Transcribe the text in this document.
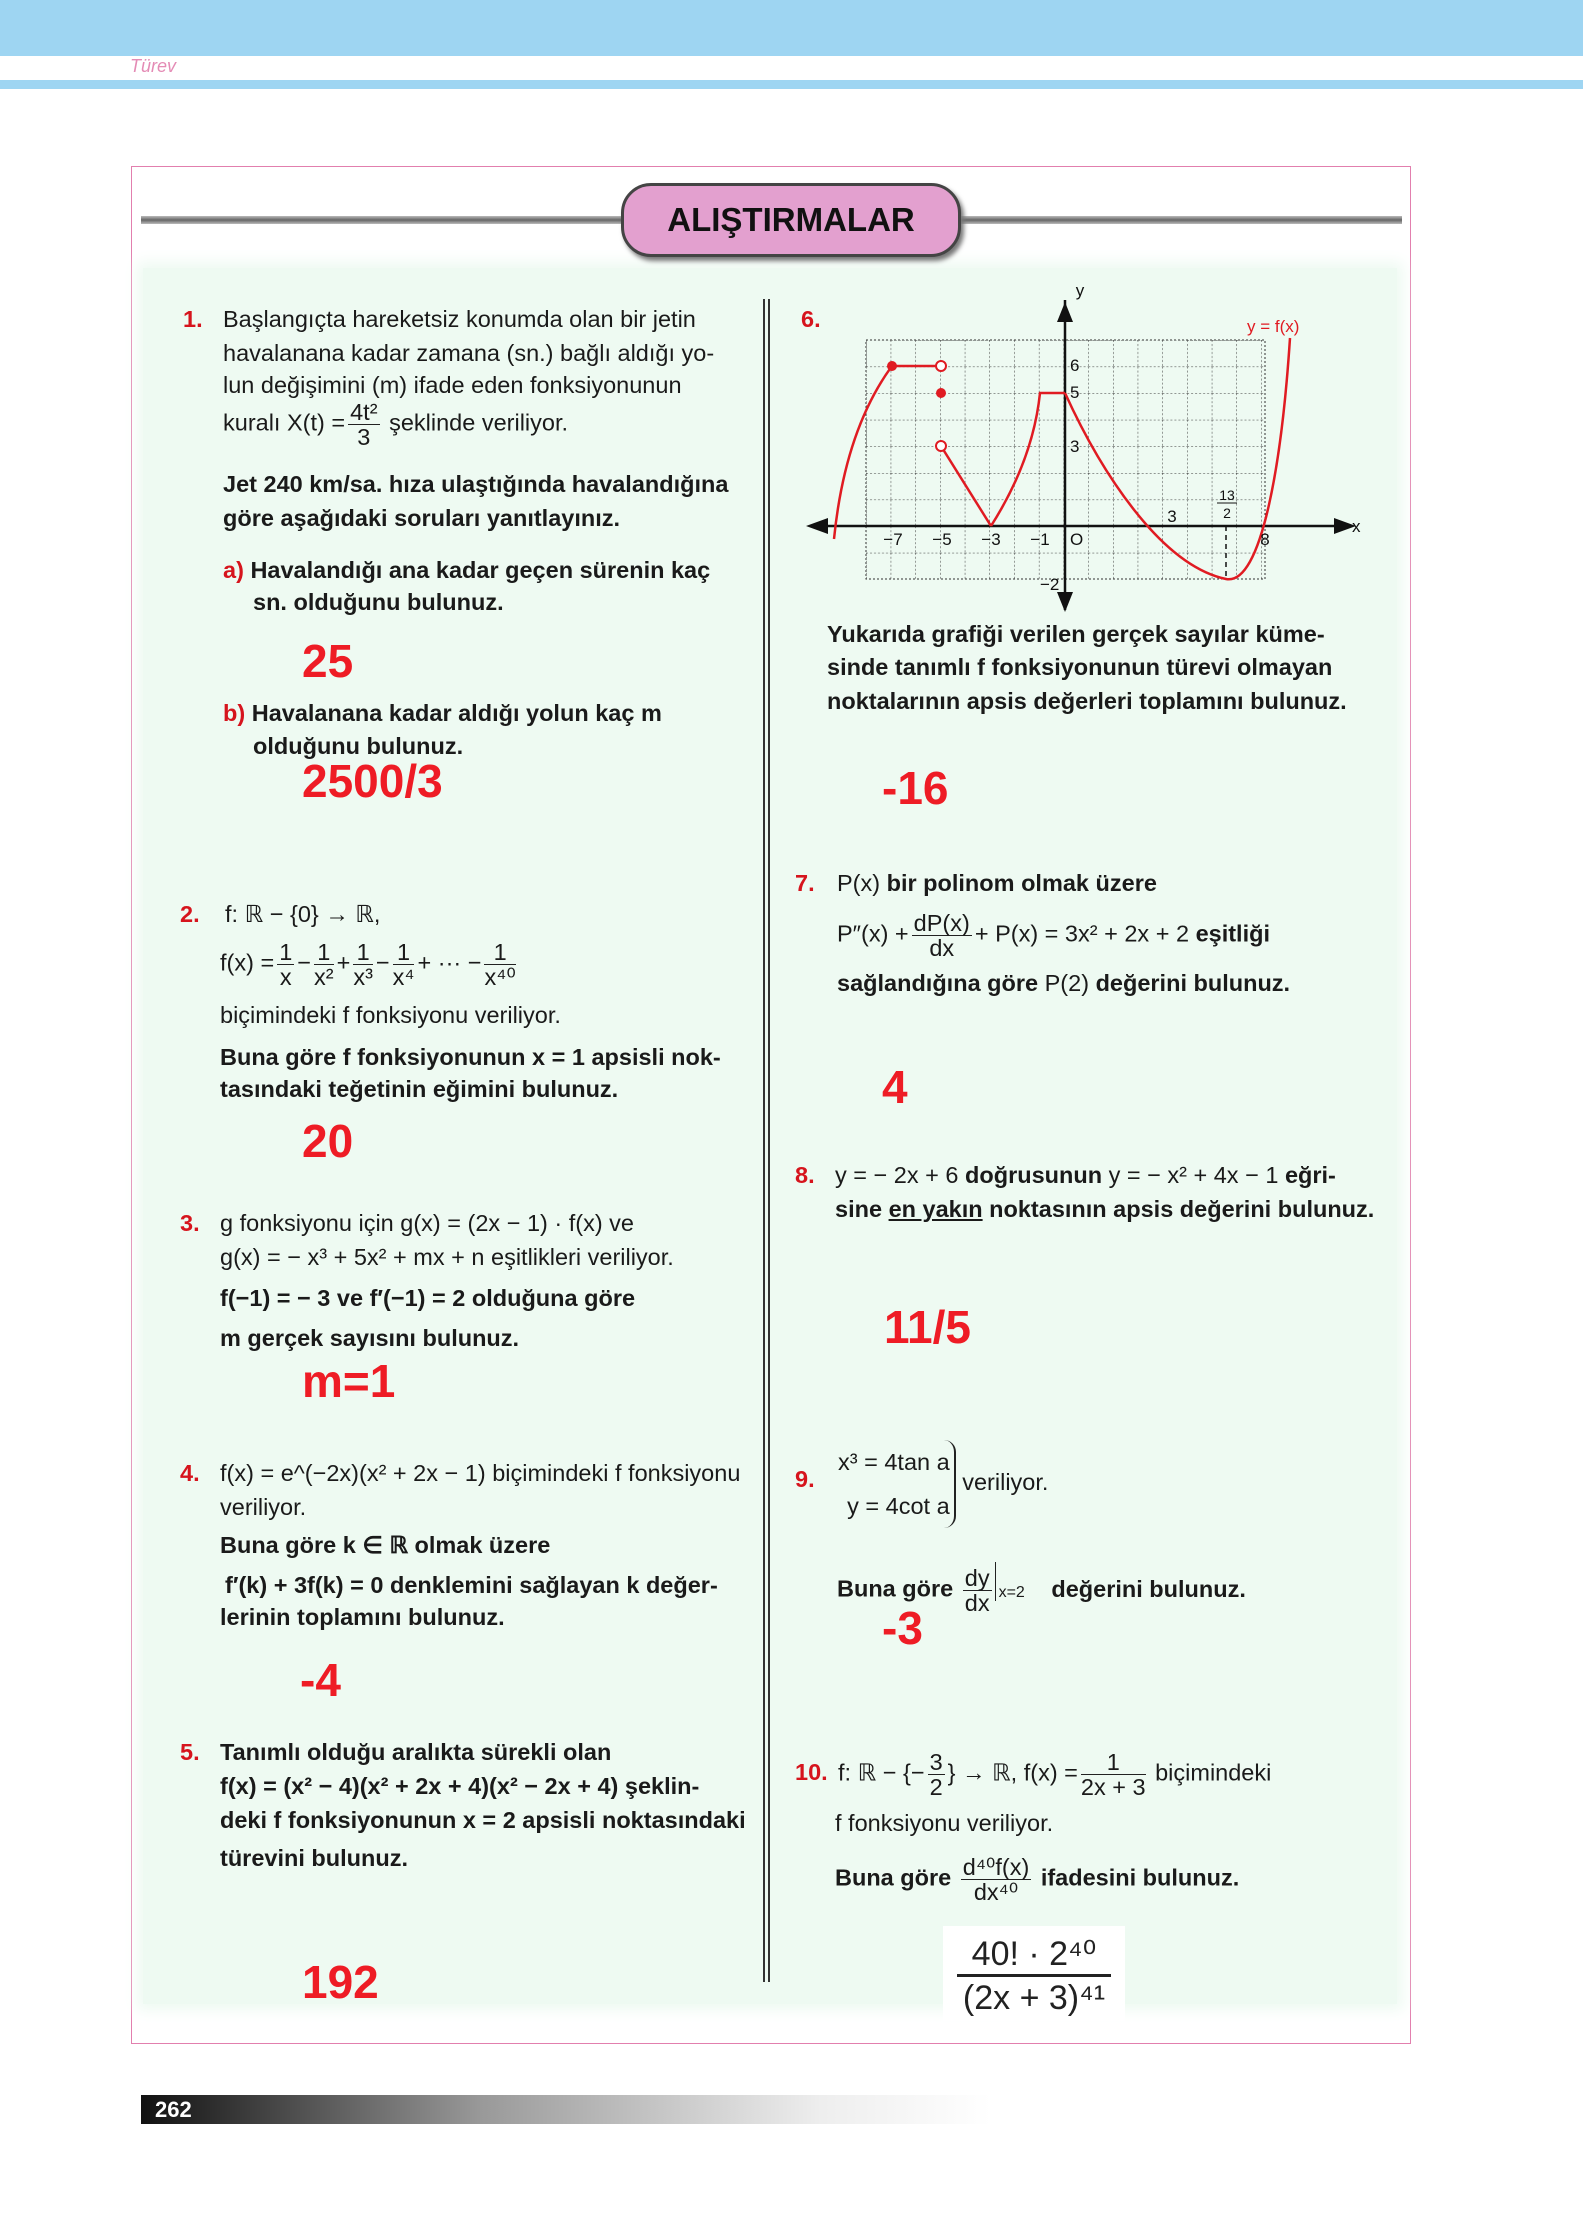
Türev
ALIŞTIRMALAR
1. Başlangıçta hareketsiz konumda olan bir jetin
havalanana kadar zamana (sn.) bağlı aldığı yo-
lun değişimini (m) ifade eden fonksiyonunun
kuralı $X(t) = \frac{\text{4t²}}{3}$ şeklinde veriliyor.
Jet 240 km/sa. hıza ulaştığında havalandığına
göre aşağıdaki soruları yanıtlayınız.
a) Havalandığı ana kadar geçen sürenin kaç
sn. olduğunu bulunuz.
25
b) Havalanana kadar aldığı yolun kaç m
olduğunu bulunuz.
2500/3
2. f: ℝ − {0} → ℝ,
$f(x) = \frac{1}{x} - \frac{1}{\text{x²}} + \frac{1}{\text{x³}} - \frac{1}{\text{x⁴}}$ + ··· − $\frac{1}{\text{x⁴⁰}}$
biçimindeki f fonksiyonu veriliyor.
Buna göre f fonksiyonunun x = 1 apsisli nok-
tasındaki teğetinin eğimini bulunuz.
20
3. g fonksiyonu için g(x) = (2x − 1) · f(x) ve
g(x) = − x³ + 5x² + mx + n eşitlikleri veriliyor.
f(−1) = − 3 ve f′(−1) = 2 olduğuna göre
m gerçek sayısını bulunuz.
m=1
4. f(x) = e^(−2x)(x² + 2x − 1) biçimindeki f fonksiyonu
veriliyor.
Buna göre k ∈ ℝ olmak üzere
f′(k) + 3f(k) = 0 denklemini sağlayan k değer-
lerinin toplamını bulunuz.
-4
5. Tanımlı olduğu aralıkta sürekli olan
f(x) = (x² − 4)(x² + 2x + 4)(x² − 2x + 4) şeklin-
deki f fonksiyonunun x = 2 apsisli noktasındaki
türevini bulunuz.
192
6.
y
x
y = f(x)
O
−7 −5 −3 −1
3
8
6
5
3
−2
13
2
Yukarıda grafiği verilen gerçek sayılar küme-
sinde tanımlı f fonksiyonunun türevi olmayan
noktalarının apsis değerleri toplamını bulunuz.
-16
7. P(x) bir polinom olmak üzere
$P''(x) + \frac{dP(x)}{dx} + P(x) = 3x^2 + 2x + 2$ eşitliği
sağlandığına göre P(2) değerini bulunuz.
4
8. y = − 2x + 6 doğrusunun y = − x² + 4x − 1 eğri-
sine en yakın noktasının apsis değerini bulunuz.
11/5
9.
x³ = 4tan a
y = 4cot a
veriliyor.
Buna göre $\frac{dy}{dx} x=2$ değerini bulunuz.
-3
10. f: ℝ − {− $\frac{3}{2}$ } → ℝ, $f(x) = \frac{1}{2x + 3}$ biçimindeki
f fonksiyonu veriliyor.
Buna göre $\frac{\text{d⁴⁰f(x)}}{\text{dx⁴⁰}}$ ifadesini bulunuz.
$\frac{\text{40! · 2⁴⁰}}{\text{(2x + 3)⁴¹}}$
262
